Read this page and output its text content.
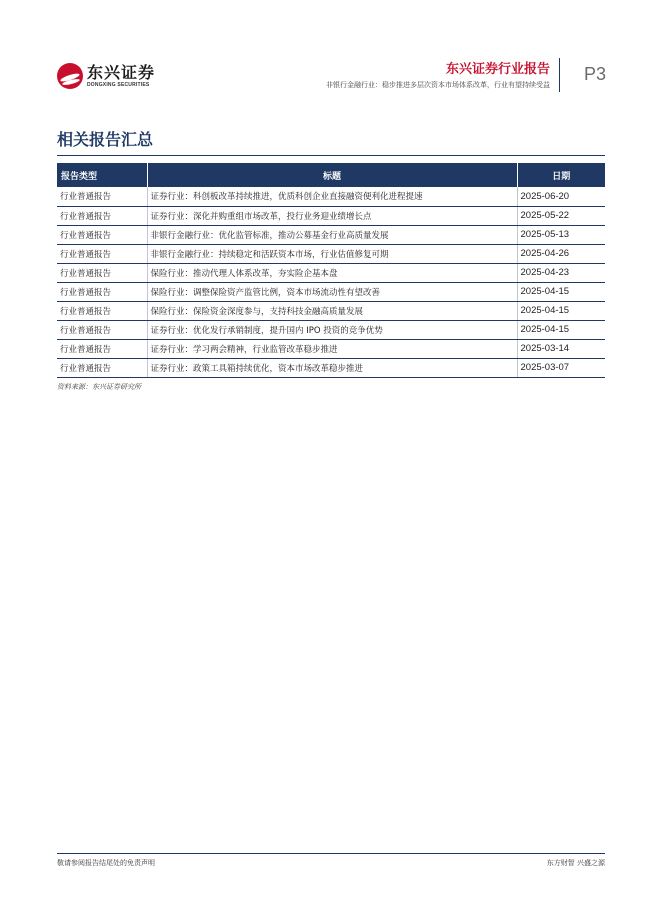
东兴证券
DONGXING SECURITIES
东兴证券行业报告
非银行金融行业：稳步推进多层次资本市场体系改革，行业有望持续受益
P3
相关报告汇总
报告类型	标题	日期
行业普通报告	证券行业：科创板改革持续推进，优质科创企业直接融资便利化进程提速	2025-06-20
行业普通报告	证券行业：深化并购重组市场改革，投行业务迎业绩增长点	2025-05-22
行业普通报告	非银行金融行业：优化监管标准，推动公募基金行业高质量发展	2025-05-13
行业普通报告	非银行金融行业：持续稳定和活跃资本市场，行业估值修复可期	2025-04-26
行业普通报告	保险行业：推动代理人体系改革，夯实险企基本盘	2025-04-23
行业普通报告	保险行业：调整保险资产监管比例，资本市场流动性有望改善	2025-04-15
行业普通报告	保险行业：保险资金深度参与，支持科技金融高质量发展	2025-04-15
行业普通报告	证券行业：优化发行承销制度，提升国内 IPO 投资的竞争优势	2025-04-15
行业普通报告	证券行业：学习两会精神，行业监管改革稳步推进	2025-03-14
行业普通报告	证券行业：政策工具箱持续优化，资本市场改革稳步推进	2025-03-07
资料来源：东兴证券研究所
敬请参阅报告结尾处的免责声明	东方财智 兴盛之源
